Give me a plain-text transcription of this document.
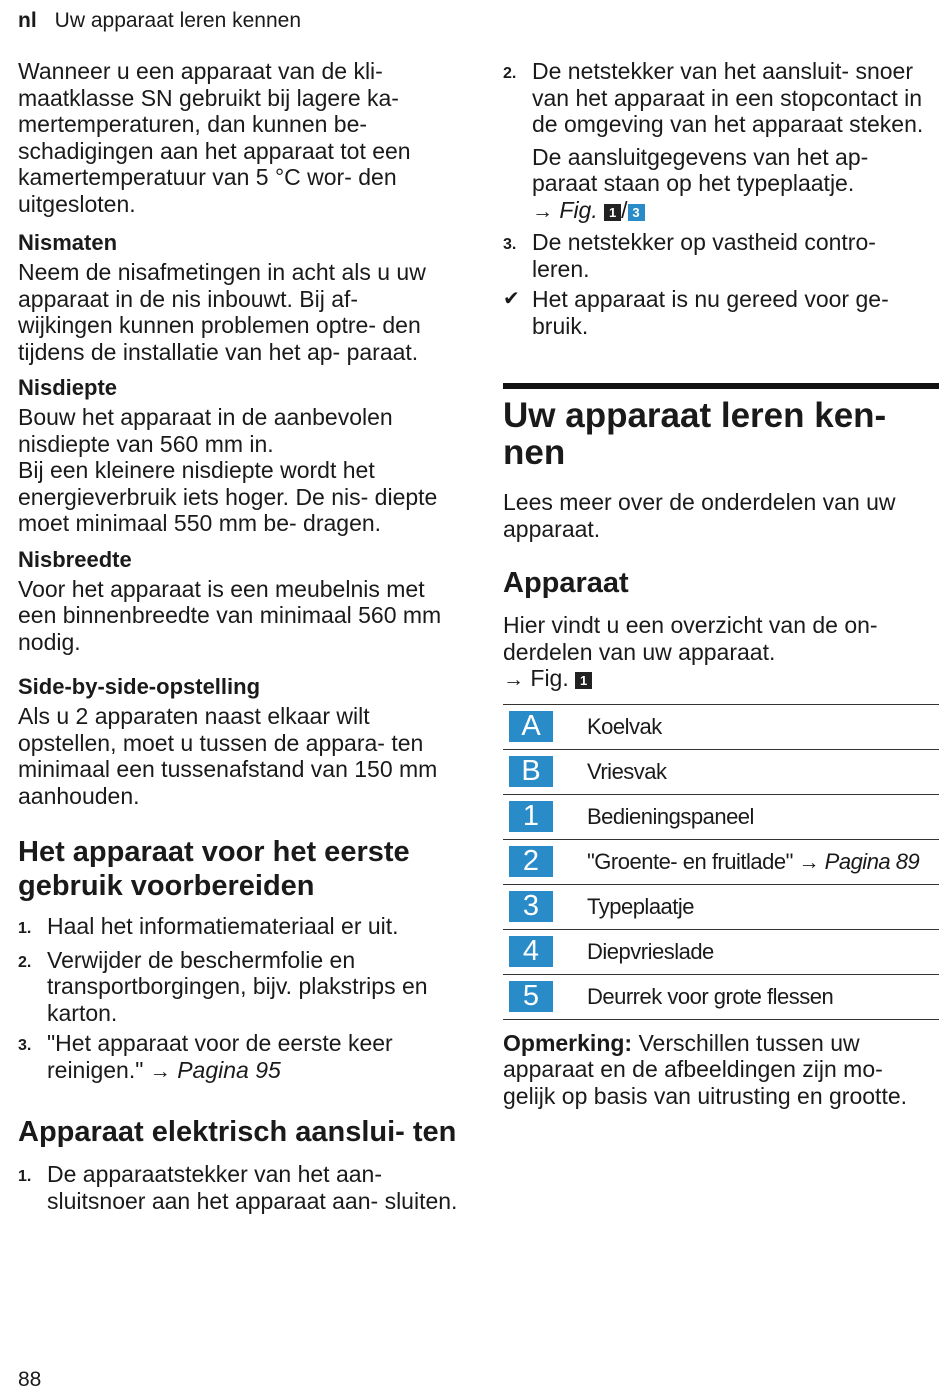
nl Uw apparaat leren kennen

Wanneer u een apparaat van de kli- maatklasse SN gebruikt bij lagere ka- mertemperaturen, dan kunnen be- schadigingen aan het apparaat tot een kamertemperatuur van 5 °C wor- den uitgesloten.

Nismaten

Neem de nisafmetingen in acht als u uw apparaat in de nis inbouwt. Bij af- wijkingen kunnen problemen optre- den tijdens de installatie van het ap- paraat.

Nisdiepte

Bouw het apparaat in de aanbevolen nisdiepte van 560 mm in.

Bij een kleinere nisdiepte wordt het energieverbruik iets hoger. De nis- diepte moet minimaal 550 mm be- dragen.

Nisbreedte

Voor het apparaat is een meubelnis met een binnenbreedte van minimaal 560 mm nodig.

Side-by-side-opstelling

Als u 2 apparaten naast elkaar wilt opstellen, moet u tussen de appara- ten minimaal een tussenafstand van 150 mm aanhouden.

Het apparaat voor het eerste gebruik voorbereiden
1. Haal het informatiemateriaal er uit.
2. Verwijder de beschermfolie en transportborgingen, bijv. plakstrips en karton.
3. "Het apparaat voor de eerste keer reinigen." → Pagina 95
Apparaat elektrisch aanslui- ten
1. De apparaatstekker van het aan- sluitsnoer aan het apparaat aan- sluiten.
2. De netstekker van het aansluit- snoer van het apparaat in een stopcontact in de omgeving van het apparaat steken.

De aansluitgegevens van het ap- paraat staan op het typeplaatje.

→ Fig. 1 / 3

3. De netstekker op vastheid contro- leren.
✔ Het apparaat is nu gereed voor ge- bruik.
Uw apparaat leren ken- nen

Lees meer over de onderdelen van uw apparaat.

Apparaat

Hier vindt u een overzicht van de on- derdelen van uw apparaat.

→ Fig. 1

A	Koelvak

B	Vriesvak

1	Bedieningspaneel

2	"Groente- en fruitlade" → Pagina 89

3	Typeplaatje

4	Diepvrieslade

5	Deurrek voor grote flessen

Opmerking: Verschillen tussen uw apparaat en de afbeeldingen zijn mo- gelijk op basis van uitrusting en grootte.

88
